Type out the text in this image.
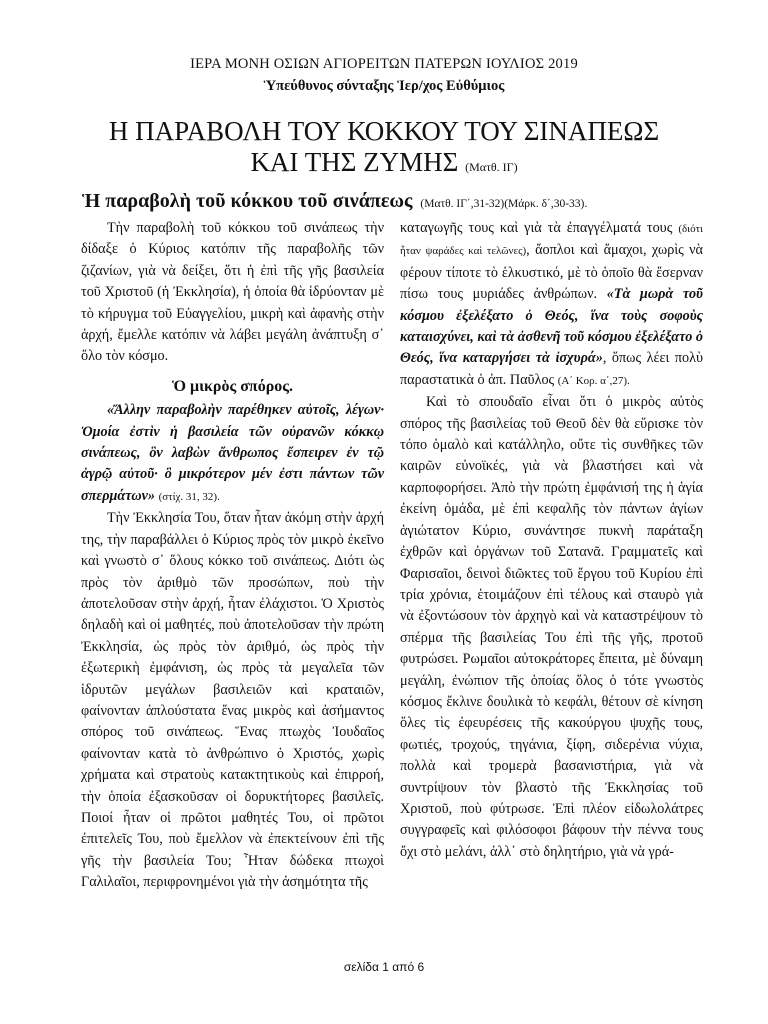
ΙΕΡΑ ΜΟΝΗ ΟΣΙΩΝ ΑΓΙΟΡΕΙΤΩΝ ΠΑΤΕΡΩΝ ΙΟΥΛΙΟΣ 2019
Ὑπεύθυνος σύνταξης Ἱερ/χος Εὐθύμιος
Η ΠΑΡΑΒΟΛΗ ΤΟΥ ΚΟΚΚΟΥ ΤΟΥ ΣΙΝΑΠΕΩΣ
ΚΑΙ ΤΗΣ ΖΥΜΗΣ (Ματθ. ΙΓ)
Ἡ παραβολὴ τοῦ κόκκου τοῦ σινάπεως (Ματθ. ΙΓ΄,31-32)(Μάρκ. δ΄,30-33).

Τὴν παραβολὴ τοῦ κόκκου τοῦ σινάπεως τὴν δίδαξε ὁ Κύριος κατόπιν τῆς παραβολῆς τῶν ζιζανίων, γιὰ νὰ δείξει, ὅτι ἡ ἐπὶ τῆς γῆς βασιλεία τοῦ Χριστοῦ (ἡ Ἐκκλησία), ἡ ὁποία θὰ ἱδρύονταν μὲ τὸ κήρυγμα τοῦ Εὐαγγελίου, μικρὴ καὶ ἀφανὴς στὴν ἀρχή, ἔμελλε κατόπιν νὰ λάβει μεγάλη ἀνάπτυξη σ᾿ ὅλο τὸν κόσμο.

Ὁ μικρὸς σπόρος.

«Ἄλλην παραβολὴν παρέθηκεν αὐτοῖς, λέγων· Ὁμοία ἐστὶν ἡ βασιλεία τῶν οὐρανῶν κόκκῳ σινάπεως, ὃν λαβὼν ἄνθρωπος ἔσπειρεν ἐν τῷ ἀγρῷ αὐτοῦ· ὃ μικρότερον μέν ἐστι πάντων τῶν σπερμάτων» (στίχ. 31, 32).

Τὴν Ἐκκλησία Του, ὅταν ἦταν ἀκόμη στὴν ἀρχή της, τὴν παραβάλλει ὁ Κύριος πρὸς τὸν μικρὸ ἐκεῖνο καὶ γνωστὸ σ᾿ ὅλους κόκκο τοῦ σινάπεως. Διότι ὡς πρὸς τὸν ἀριθμὸ τῶν προσώπων, ποὺ τὴν ἀποτελοῦσαν στὴν ἀρχή, ἦταν ἐλάχιστοι. Ὁ Χριστὸς δηλαδὴ καὶ οἱ μαθητές, ποὺ ἀποτελοῦσαν τὴν πρώτη Ἐκκλησία, ὡς πρὸς τὸν ἀριθμό, ὡς πρὸς τὴν ἐξωτερικὴ ἐμφάνιση, ὡς πρὸς τὰ μεγαλεῖα τῶν ἱδρυτῶν μεγάλων βασιλειῶν καὶ κραταιῶν, φαίνονταν ἁπλούστατα ἕνας μικρὸς καὶ ἀσήμαντος σπόρος τοῦ σινάπεως. Ἕνας πτωχὸς Ἰουδαῖος φαίνονταν κατὰ τὸ ἀνθρώπινο ὁ Χριστός, χωρὶς χρήματα καὶ στρατοὺς κατακτητικοὺς καὶ ἐπιρροή, τὴν ὁποία ἐξασκοῦσαν οἱ δορυκτήτορες βασιλεῖς. Ποιοί ἦταν οἱ πρῶτοι μαθητές Του, οἱ πρῶτοι ἐπιτελεῖς Του, ποὺ ἔμελλον νὰ ἐπεκτείνουν ἐπὶ τῆς γῆς τὴν βασιλεία Του; Ἦταν δώδεκα πτωχοὶ Γαλιλαῖοι, περιφρονημένοι γιὰ τὴν ἀσημότητα τῆς

καταγωγῆς τους καὶ γιὰ τὰ ἐπαγγέλματά τους (διότι ἦταν ψαράδες καὶ τελῶνες), ἄοπλοι καὶ ἄμαχοι, χωρὶς νὰ φέρουν τίποτε τὸ ἑλκυστικό, μὲ τὸ ὁποῖο θὰ ἔσερναν πίσω τους μυριάδες ἀνθρώπων. «Τὰ μωρὰ τοῦ κόσμου ἐξελέξατο ὁ Θεός, ἵνα τοὺς σοφοὺς καταισχύνει, καὶ τὰ ἀσθενῆ τοῦ κόσμου ἐξελέξατο ὁ Θεός, ἵνα καταργήσει τὰ ἰσχυρά», ὅπως λέει πολὺ παραστατικὰ ὁ ἀπ. Παῦλος (Α΄ Κορ. α΄,27).

Καὶ τὸ σπουδαῖο εἶναι ὅτι ὁ μικρὸς αὐτὸς σπόρος τῆς βασιλείας τοῦ Θεοῦ δὲν θὰ εὕρισκε τὸν τόπο ὁμαλὸ καὶ κατάλληλο, οὔτε τὶς συνθῆκες τῶν καιρῶν εὐνοϊκές, γιὰ νὰ βλαστήσει καὶ νὰ καρποφορήσει. Ἀπὸ τὴν πρώτη ἐμφάνισή της ἡ ἁγία ἐκείνη ὁμάδα, μὲ ἐπὶ κεφαλῆς τὸν πάντων ἁγίων ἁγιώτατον Κύριο, συνάντησε πυκνὴ παράταξη ἐχθρῶν καὶ ὀργάνων τοῦ Σατανᾶ. Γραμματεῖς καὶ Φαρισαῖοι, δεινοὶ διῶκτες τοῦ ἔργου τοῦ Κυρίου ἐπὶ τρία χρόνια, ἑτοιμάζουν ἐπὶ τέλους καὶ σταυρὸ γιὰ νὰ ἐξοντώσουν τὸν ἀρχηγὸ καὶ νὰ καταστρέψουν τὸ σπέρμα τῆς βασιλείας Του ἐπὶ τῆς γῆς, προτοῦ φυτρώσει. Ρωμαῖοι αὐτοκράτορες ἔπειτα, μὲ δύναμη μεγάλη, ἐνώπιον τῆς ὁποίας ὅλος ὁ τότε γνωστὸς κόσμος ἔκλινε δουλικὰ τὸ κεφάλι, θέτουν σὲ κίνηση ὅλες τὶς ἐφευρέσεις τῆς κακούργου ψυχῆς τους, φωτιές, τροχούς, τηγάνια, ξίφη, σιδερένια νύχια, πολλὰ καὶ τρομερὰ βασανιστήρια, γιὰ νὰ συντρίψουν τὸν βλαστὸ τῆς Ἐκκλησίας τοῦ Χριστοῦ, ποὺ φύτρωσε. Ἐπὶ πλέον εἰδωλολάτρες συγγραφεῖς καὶ φιλόσοφοι βάφουν τὴν πέννα τους ὄχι στὸ μελάνι, ἀλλ᾿ στὸ δηλητήριο, γιὰ νὰ γρά-

σελίδα 1 από 6
